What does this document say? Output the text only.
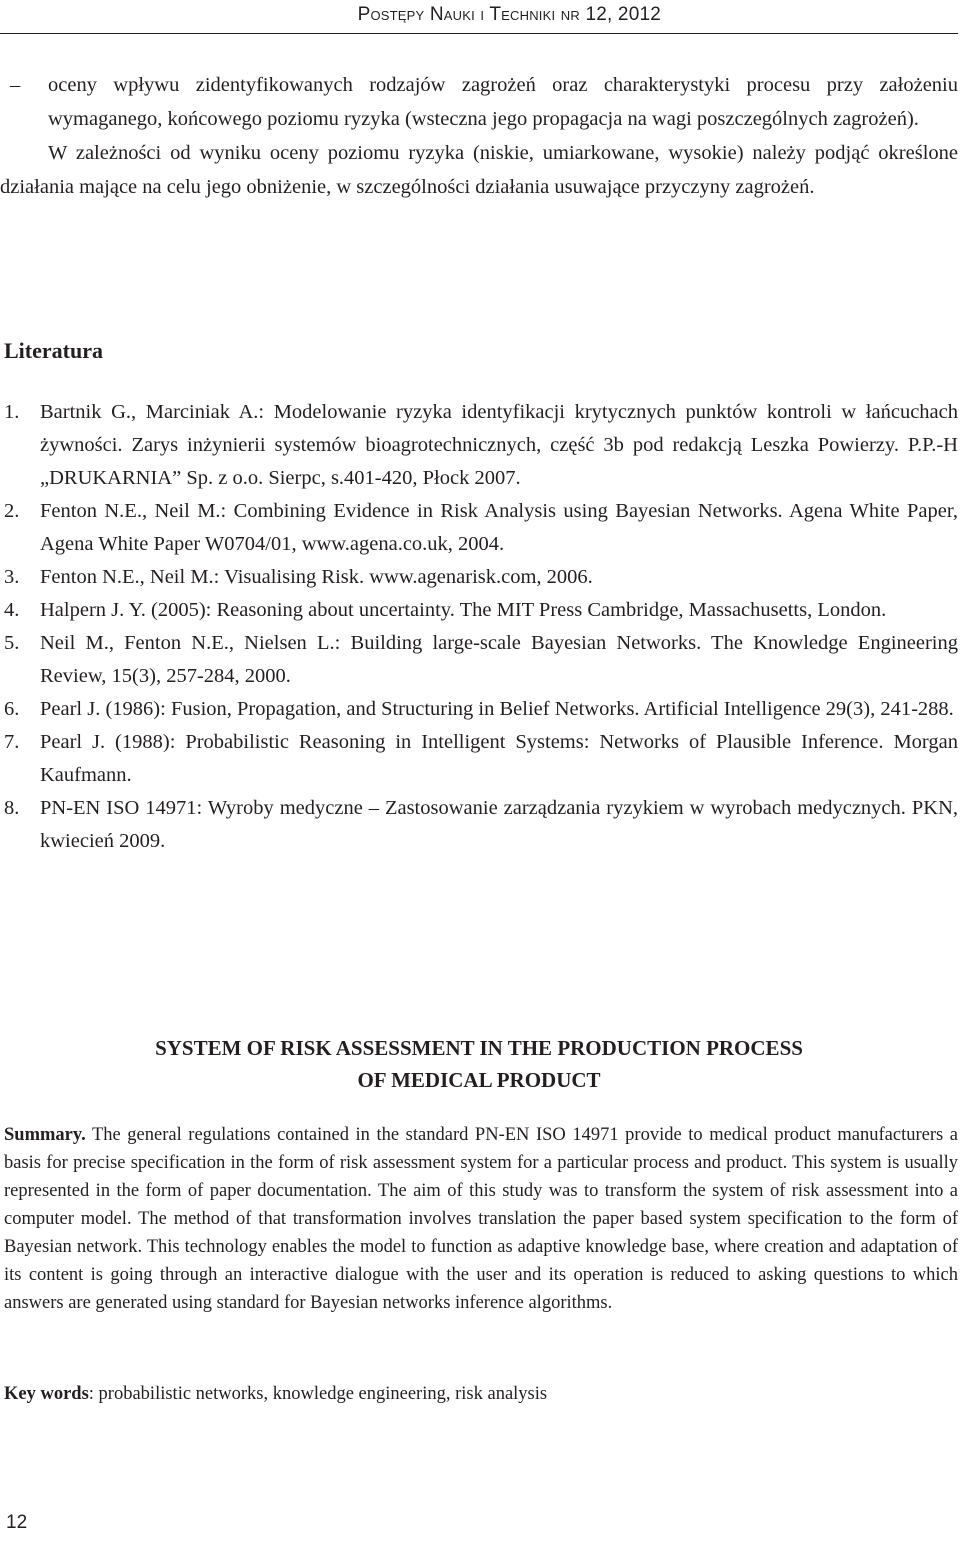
Postępy Nauki i Techniki nr 12, 2012
– oceny wpływu zidentyfikowanych rodzajów zagrożeń oraz charakterystyki procesu przy założeniu wymaganego, końcowego poziomu ryzyka (wsteczna jego propagacja na wagi poszczególnych zagrożeń).

W zależności od wyniku oceny poziomu ryzyka (niskie, umiarkowane, wysokie) należy podjąć określone działania mające na celu jego obniżenie, w szczególności działania usuwające przyczyny zagrożeń.

Literatura
1. Bartnik G., Marciniak A.: Modelowanie ryzyka identyfikacji krytycznych punktów kontroli w łańcuchach żywności. Zarys inżynierii systemów bioagrotechnicznych, część 3b pod redakcją Leszka Powierzy. P.P.-H „DRUKARNIA” Sp. z o.o. Sierpc, s.401-420, Płock 2007.
2. Fenton N.E., Neil M.: Combining Evidence in Risk Analysis using Bayesian Networks. Agena White Paper, Agena White Paper W0704/01, www.agena.co.uk, 2004.
3. Fenton N.E., Neil M.: Visualising Risk. www.agenarisk.com, 2006.
4. Halpern J. Y. (2005): Reasoning about uncertainty. The MIT Press Cambridge, Massachusetts, London.
5. Neil M., Fenton N.E., Nielsen L.: Building large-scale Bayesian Networks. The Knowledge Engineering Review, 15(3), 257-284, 2000.
6. Pearl J. (1986): Fusion, Propagation, and Structuring in Belief Networks. Artificial Intelligence 29(3), 241-288.
7. Pearl J. (1988): Probabilistic Reasoning in Intelligent Systems: Networks of Plausible Inference. Morgan Kaufmann.
8. PN-EN ISO 14971: Wyroby medyczne – Zastosowanie zarządzania ryzykiem w wyrobach medycznych. PKN, kwiecień 2009.
SYSTEM OF RISK ASSESSMENT IN THE PRODUCTION PROCESS
OF MEDICAL PRODUCT

Summary. The general regulations contained in the standard PN-EN ISO 14971 provide to medical product manufacturers a basis for precise specification in the form of risk assessment system for a particular process and product. This system is usually represented in the form of paper documentation. The aim of this study was to transform the system of risk assessment into a computer model. The method of that transformation involves translation the paper based system specification to the form of Bayesian network. This technology enables the model to function as adaptive knowledge base, where creation and adaptation of its content is going through an interactive dialogue with the user and its operation is reduced to asking questions to which answers are generated using standard for Bayesian networks inference algorithms.

Key words: probabilistic networks, knowledge engineering, risk analysis

12
